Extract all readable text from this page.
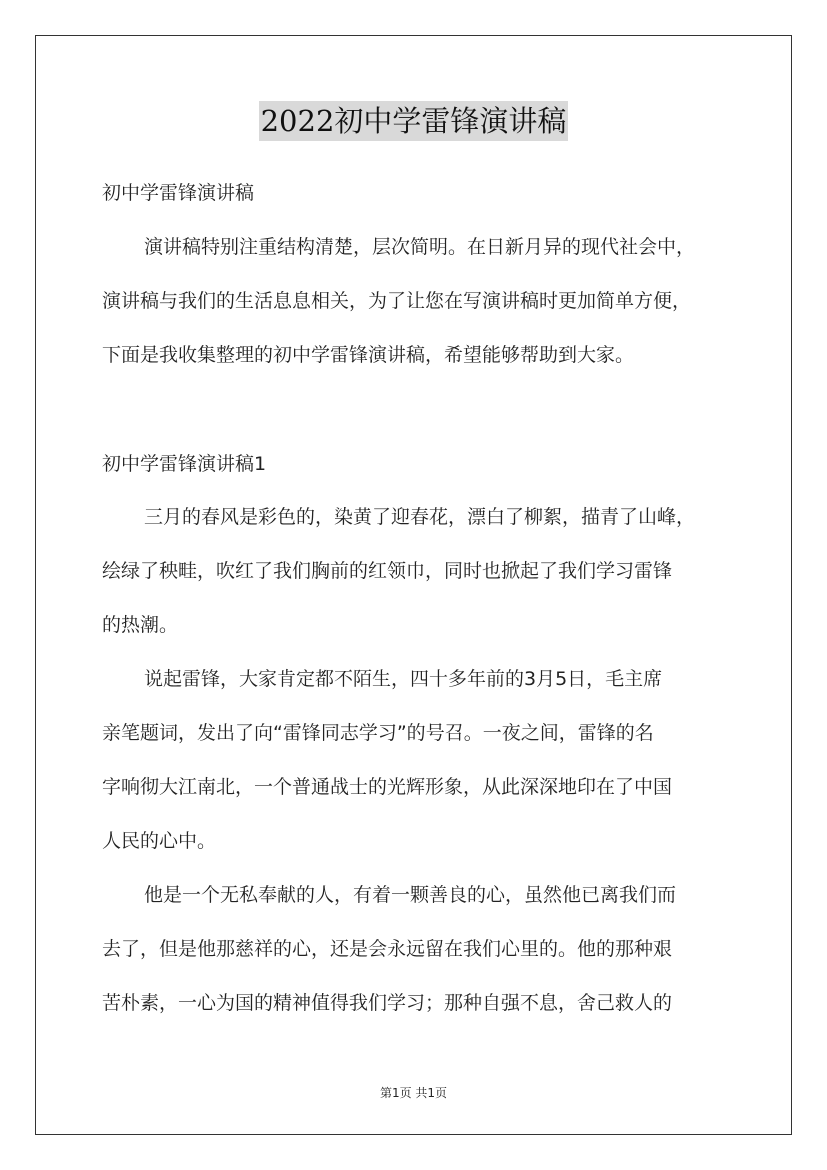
2022初中学雷锋演讲稿

初中学雷锋演讲稿

演讲稿特别注重结构清楚，层次简明。在日新月异的现代社会中，
演讲稿与我们的生活息息相关，为了让您在写演讲稿时更加简单方便，
下面是我收集整理的初中学雷锋演讲稿，希望能够帮助到大家。

初中学雷锋演讲稿1

三月的春风是彩色的，染黄了迎春花，漂白了柳絮，描青了山峰，
绘绿了秧畦，吹红了我们胸前的红领巾，同时也掀起了我们学习雷锋
的热潮。
说起雷锋，大家肯定都不陌生，四十多年前的3月5日，毛主席
亲笔题词，发出了向“雷锋同志学习”的号召。一夜之间，雷锋的名
字响彻大江南北，一个普通战士的光辉形象，从此深深地印在了中国
人民的心中。
他是一个无私奉献的人，有着一颗善良的心，虽然他已离我们而
去了，但是他那慈祥的心，还是会永远留在我们心里的。他的那种艰
苦朴素，一心为国的精神值得我们学习；那种自强不息，舍己救人的
第1页 共1页
